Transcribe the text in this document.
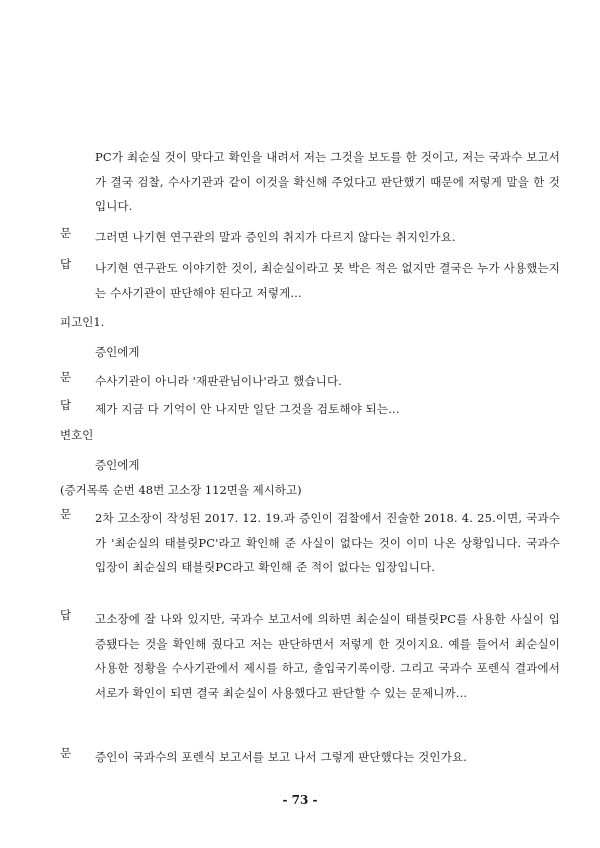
PC가 최순실 것이 맞다고 확인을 내려서 저는 그것을 보도를 한 것이고, 저는 국과수 보고서가 결국 검찰, 수사기관과 같이 이것을 확신해 주었다고 판단했기 때문에 저렇게 말을 한 것입니다.
문	그러면 나기현 연구관의 말과 증인의 취지가 다르지 않다는 취지인가요.
답	나기현 연구관도 이야기한 것이, 최순실이라고 못 박은 적은 없지만 결국은 누가 사용했는지는 수사기관이 판단해야 된다고 저렇게...
피고인1.
증인에게
문	수사기관이 아니라 '재판관님이나'라고 했습니다.
답	제가 지금 다 기억이 안 나지만 일단 그것을 검토해야 되는...
변호인
증인에게
(증거목록 순번 48번 고소장 112면을 제시하고)
문	2차 고소장이 작성된 2017. 12. 19.과 증인이 검찰에서 진술한 2018. 4. 25.이면, 국과수가 '최순실의 태블릿PC'라고 확인해 준 사실이 없다는 것이 이미 나온 상황입니다. 국과수 입장이 최순실의 태블릿PC라고 확인해 준 적이 없다는 입장입니다.
답	고소장에 잘 나와 있지만, 국과수 보고서에 의하면 최순실이 태블릿PC를 사용한 사실이 입증됐다는 것을 확인해 줬다고 저는 판단하면서 저렇게 한 것이지요. 예를 들어서 최순실이 사용한 정황을 수사기관에서 제시를 하고, 출입국기록이랑. 그리고 국과수 포렌식 결과에서 서로가 확인이 되면 결국 최순실이 사용했다고 판단할 수 있는 문제니까...
문	증인이 국과수의 포렌식 보고서를 보고 나서 그렇게 판단했다는 것인가요.
- 73 -
